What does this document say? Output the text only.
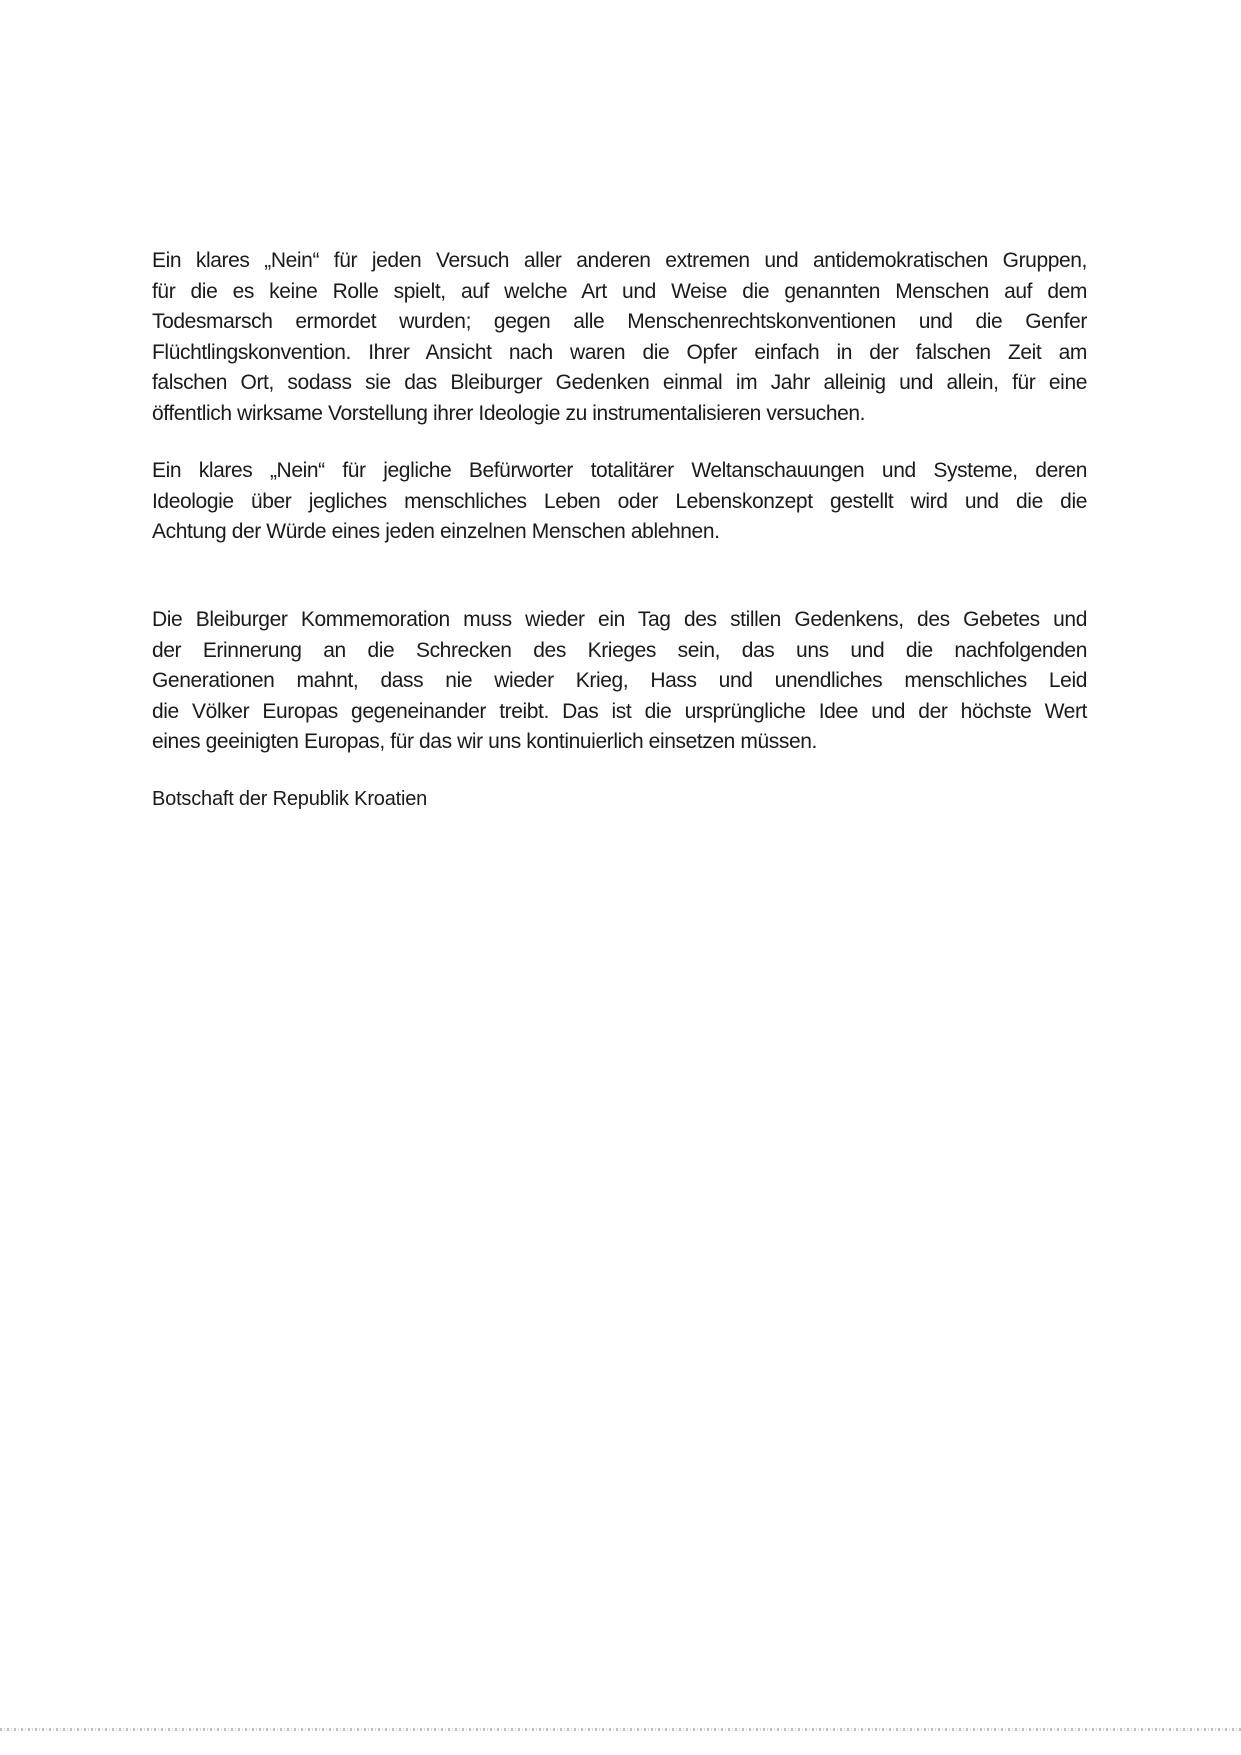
Ein klares „Nein“ für jeden Versuch aller anderen extremen und antidemokratischen Gruppen,
für die es keine Rolle spielt, auf welche Art und Weise die genannten Menschen auf dem
Todesmarsch ermordet wurden; gegen alle Menschenrechtskonventionen und die Genfer
Flüchtlingskonvention. Ihrer Ansicht nach waren die Opfer einfach in der falschen Zeit am
falschen Ort, sodass sie das Bleiburger Gedenken einmal im Jahr alleinig und allein, für eine
öffentlich wirksame Vorstellung ihrer Ideologie zu instrumentalisieren versuchen.
Ein klares „Nein“ für jegliche Befürworter totalitärer Weltanschauungen und Systeme, deren
Ideologie über jegliches menschliches Leben oder Lebenskonzept gestellt wird und die die
Achtung der Würde eines jeden einzelnen Menschen ablehnen.
Die Bleiburger Kommemoration muss wieder ein Tag des stillen Gedenkens, des Gebetes und
der Erinnerung an die Schrecken des Krieges sein, das uns und die nachfolgenden
Generationen mahnt, dass nie wieder Krieg, Hass und unendliches menschliches Leid
die Völker Europas gegeneinander treibt. Das ist die ursprüngliche Idee und der höchste Wert
eines geeinigten Europas, für das wir uns kontinuierlich einsetzen müssen.
Botschaft der Republik Kroatien
